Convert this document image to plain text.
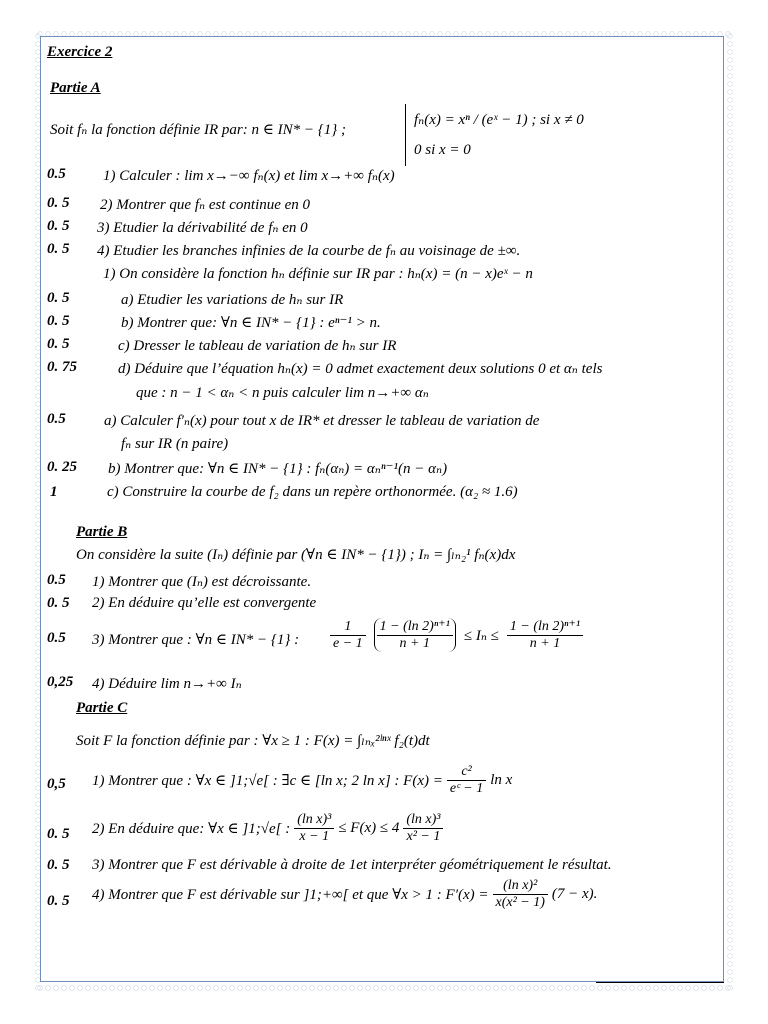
Exercice 2
Partie A
Soit fₙ la fonction définie IR par: n ∈ IN* − {1} ;
fₙ(x) = xⁿ / (eˣ − 1) ; si x ≠ 0
0 si x = 0
0.5 1) Calculer : lim x→−∞ fₙ(x) et lim x→+∞ fₙ(x)
0. 5 2) Montrer que fₙ est continue en 0
0. 5 3) Etudier la dérivabilité de fₙ en 0
0. 5 4) Etudier les branches infinies de la courbe de fₙ au voisinage de ±∞.
1) On considère la fonction hₙ définie sur IR par : hₙ(x) = (n − x)eˣ − n
0. 5	a) Etudier les variations de hₙ sur IR
0. 5	b) Montrer que: ∀n ∈ IN* − {1} : eⁿ⁻¹ > n.
0. 5	c) Dresser le tableau de variation de hₙ sur IR
0. 75	d) Déduire que l’équation hₙ(x) = 0 admet exactement deux solutions 0 et αₙ tels
que : n − 1 < αₙ < n puis calculer lim n→+∞ αₙ
0.5	a) Calculer f′ₙ(x) pour tout x de IR* et dresser le tableau de variation de
fₙ sur IR (n paire)
0. 25 b) Montrer que: ∀n ∈ IN* − {1} : fₙ(αₙ) = αₙⁿ⁻¹(n − αₙ)
1	c) Construire la courbe de f₂ dans un repère orthonormée. (α₂ ≈ 1.6)
Partie B
On considère la suite (Iₙ) définie par (∀n ∈ IN* − {1}) ; Iₙ = ∫ₗₙ₂¹ fₙ(x)dx
0.5 1) Montrer que (Iₙ) est décroissante.
0. 5 2) En déduire qu’elle est convergente
0.5 3) Montrer que : ∀n ∈ IN* − {1} : $\frac{1}{e - 1}$
$\frac{\text{1 − (ln 2)ⁿ⁺¹}}{n + 1} \le I_n \le \frac{\text{1 − (ln 2)ⁿ⁺¹}}{n + 1}$
0,25 4) Déduire lim n→+∞ Iₙ
Partie C
Soit F la fonction définie par : ∀x ≥ 1 : F(x) = ∫ₗₙₓ²ˡⁿˣ f₂(t)dt
0,5 1) Montrer que : ∀x ∈ ]1;√e[ : ∃c ∈ [ln x; 2 ln x] : $F(x) = \frac{\text{c²}}{\text{eᶜ − 1}}$ ln x
0. 5 2) En déduire que: ∀x ∈ ]1;√e[ : $\frac{\text{(ln x)³}}{x - 1} \le F(x) \le 4 \frac{\text{(ln x)³}}{\text{x² − 1}}$
0. 5 3) Montrer que F est dérivable à droite de 1et interpréter géométriquement le résultat.
0. 5 4) Montrer que F est dérivable sur ]1;+∞[ et que ∀x > 1 : $F'(x) = \frac{\text{(ln x)²}}{\text{x(x² − 1)}} (7 - x)$.
